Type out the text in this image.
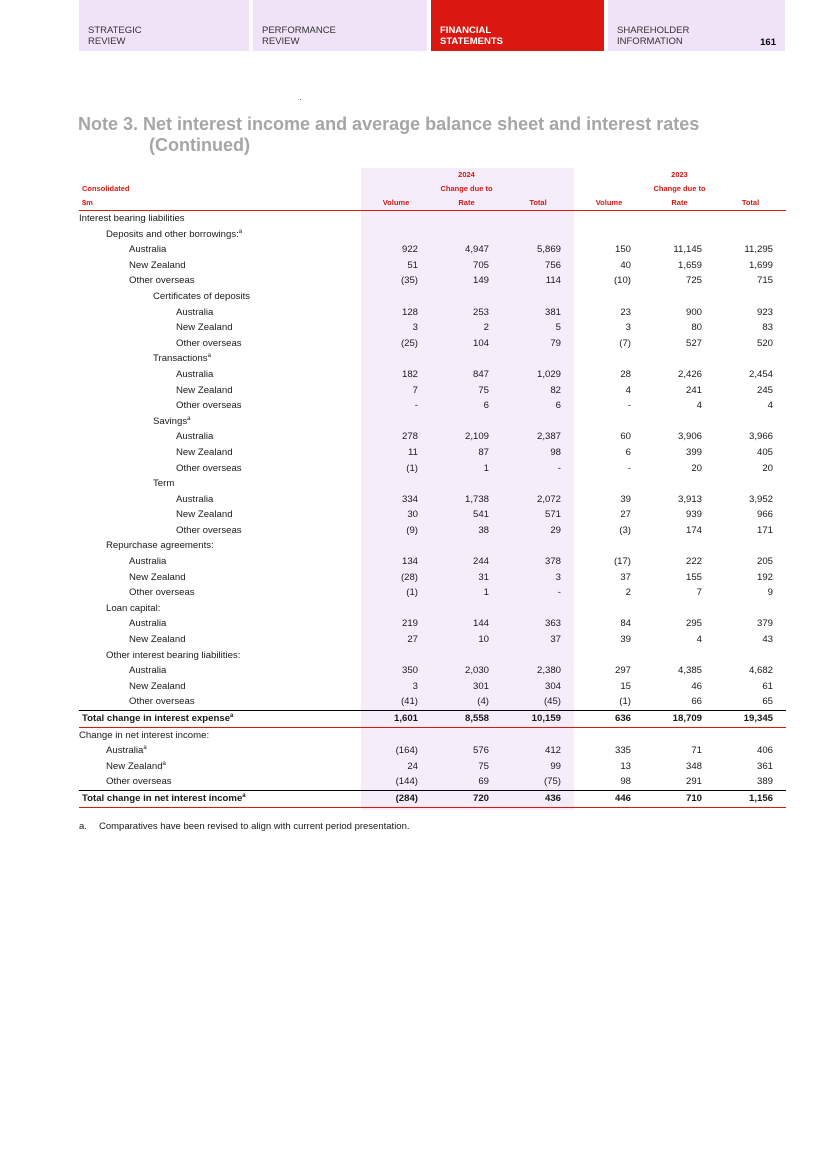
STRATEGIC
REVIEW
PERFORMANCE
REVIEW
FINANCIAL
STATEMENTS
SHAREHOLDER
INFORMATION	161
Note 3. Net interest income and average balance sheet and interest rates
(Continued)
		2024			2023	
Consolidated		Change due to			Change due to	
$m	Volume	Rate	Total	Volume	Rate	Total
Interest bearing liabilities						
Deposits and other borrowings:$^a$						
Australia	922	4,947	5,869	150	11,145	11,295
New Zealand	51	705	756	40	1,659	1,699
Other overseas	(35)	149	114	(10)	725	715
Certificates of deposits						
Australia	128	253	381	23	900	923
New Zealand	3	2	5	3	80	83
Other overseas	(25)	104	79	(7)	527	520
Transactions$^a$						
Australia	182	847	1,029	28	2,426	2,454
New Zealand	7	75	82	4	241	245
Other overseas	-	6	6	-	4	4
Savings$^a$						
Australia	278	2,109	2,387	60	3,906	3,966
New Zealand	11	87	98	6	399	405
Other overseas	(1)	1	-	-	20	20
Term						
Australia	334	1,738	2,072	39	3,913	3,952
New Zealand	30	541	571	27	939	966
Other overseas	(9)	38	29	(3)	174	171
Repurchase agreements:						
Australia	134	244	378	(17)	222	205
New Zealand	(28)	31	3	37	155	192
Other overseas	(1)	1	-	2	7	9
Loan capital:						
Australia	219	144	363	84	295	379
New Zealand	27	10	37	39	4	43
Other interest bearing liabilities:						
Australia	350	2,030	2,380	297	4,385	4,682
New Zealand	3	301	304	15	46	61
Other overseas	(41)	(4)	(45)	(1)	66	65
Total change in interest expense$^a$	1,601	8,558	10,159	636	18,709	19,345
Change in net interest income:						
Australia$^a$	(164)	576	412	335	71	406
New Zealand$^a$	24	75	99	13	348	361
Other overseas	(144)	69	(75)	98	291	389
Total change in net interest income$^a$	(284)	720	436	446	710	1,156
a. Comparatives have been revised to align with current period presentation.
